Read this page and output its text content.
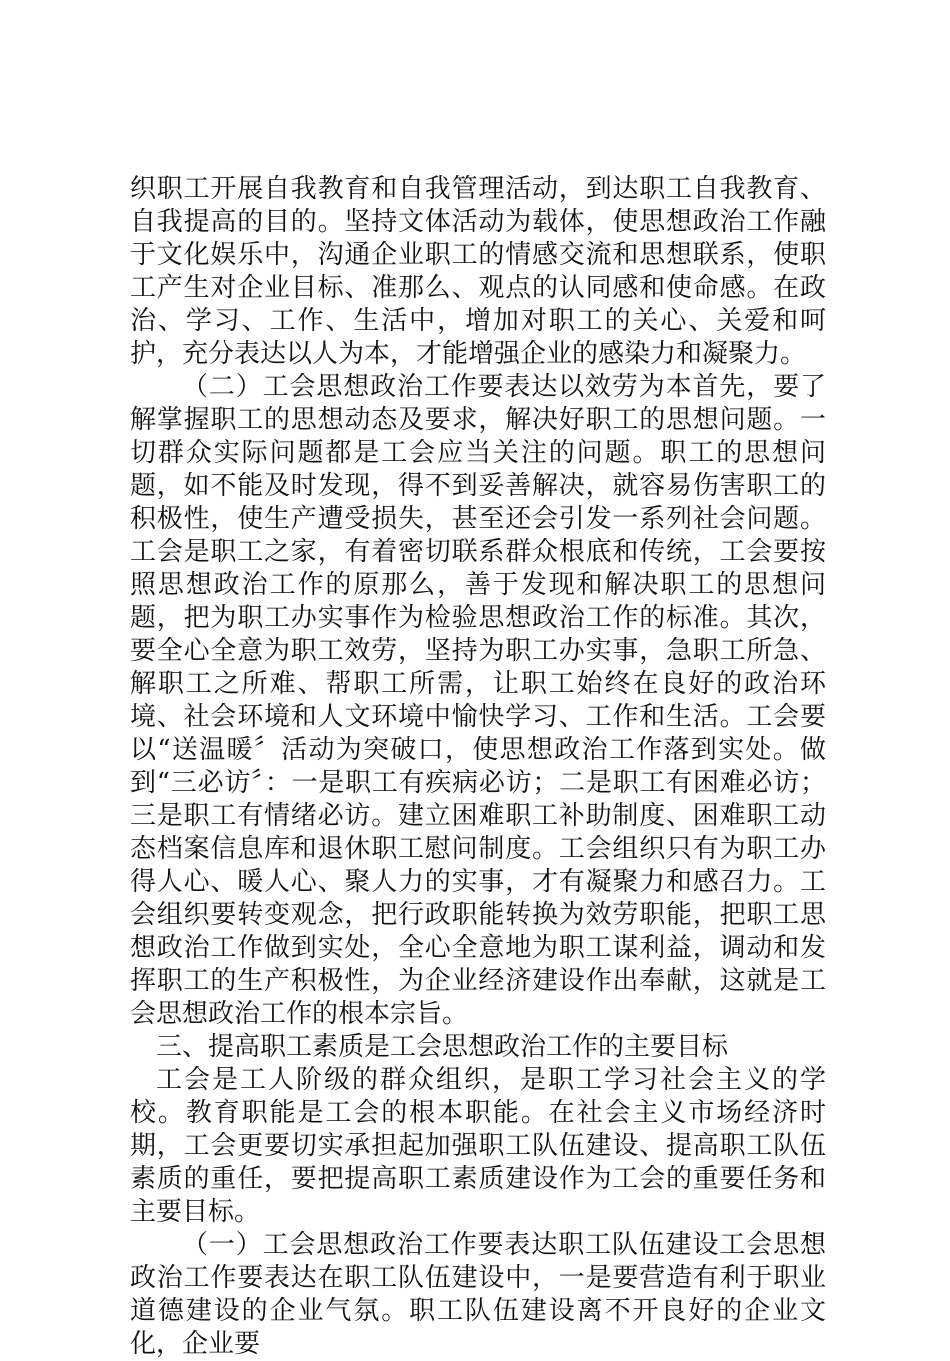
织职工开展自我教育和自我管理活动，到达职工自我教育、自我提高的目的。坚持文体活动为载体，使思想政治工作融于文化娱乐中，沟通企业职工的情感交流和思想联系，使职工产生对企业目标、准那么、观点的认同感和使命感。在政治、学习、工作、生活中，增加对职工的关心、关爱和呵护，充分表达以人为本，才能增强企业的感染力和凝聚力。

（二）工会思想政治工作要表达以效劳为本首先，要了解掌握职工的思想动态及要求，解决好职工的思想问题。一切群众实际问题都是工会应当关注的问题。职工的思想问题，如不能及时发现，得不到妥善解决，就容易伤害职工的积极性，使生产遭受损失，甚至还会引发一系列社会问题。工会是职工之家，有着密切联系群众根底和传统，工会要按照思想政治工作的原那么，善于发现和解决职工的思想问题，把为职工办实事作为检验思想政治工作的标准。其次，要全心全意为职工效劳，坚持为职工办实事，急职工所急、解职工之所难、帮职工所需，让职工始终在良好的政治环境、社会环境和人文环境中愉快学习、工作和生活。工会要以“送温暖〞活动为突破口，使思想政治工作落到实处。做到“三必访〞：一是职工有疾病必访；二是职工有困难必访；三是职工有情绪必访。建立困难职工补助制度、困难职工动态档案信息库和退休职工慰问制度。工会组织只有为职工办得人心、暖人心、聚人力的实事，才有凝聚力和感召力。工会组织要转变观念，把行政职能转换为效劳职能，把职工思想政治工作做到实处，全心全意地为职工谋利益，调动和发挥职工的生产积极性，为企业经济建设作出奉献，这就是工会思想政治工作的根本宗旨。

三、提高职工素质是工会思想政治工作的主要目标

工会是工人阶级的群众组织，是职工学习社会主义的学校。教育职能是工会的根本职能。在社会主义市场经济时期，工会更要切实承担起加强职工队伍建设、提高职工队伍素质的重任，要把提高职工素质建设作为工会的重要任务和主要目标。

（一）工会思想政治工作要表达职工队伍建设工会思想政治工作要表达在职工队伍建设中，一是要营造有利于职业道德建设的企业气氛。职工队伍建设离不开良好的企业文化，企业要
